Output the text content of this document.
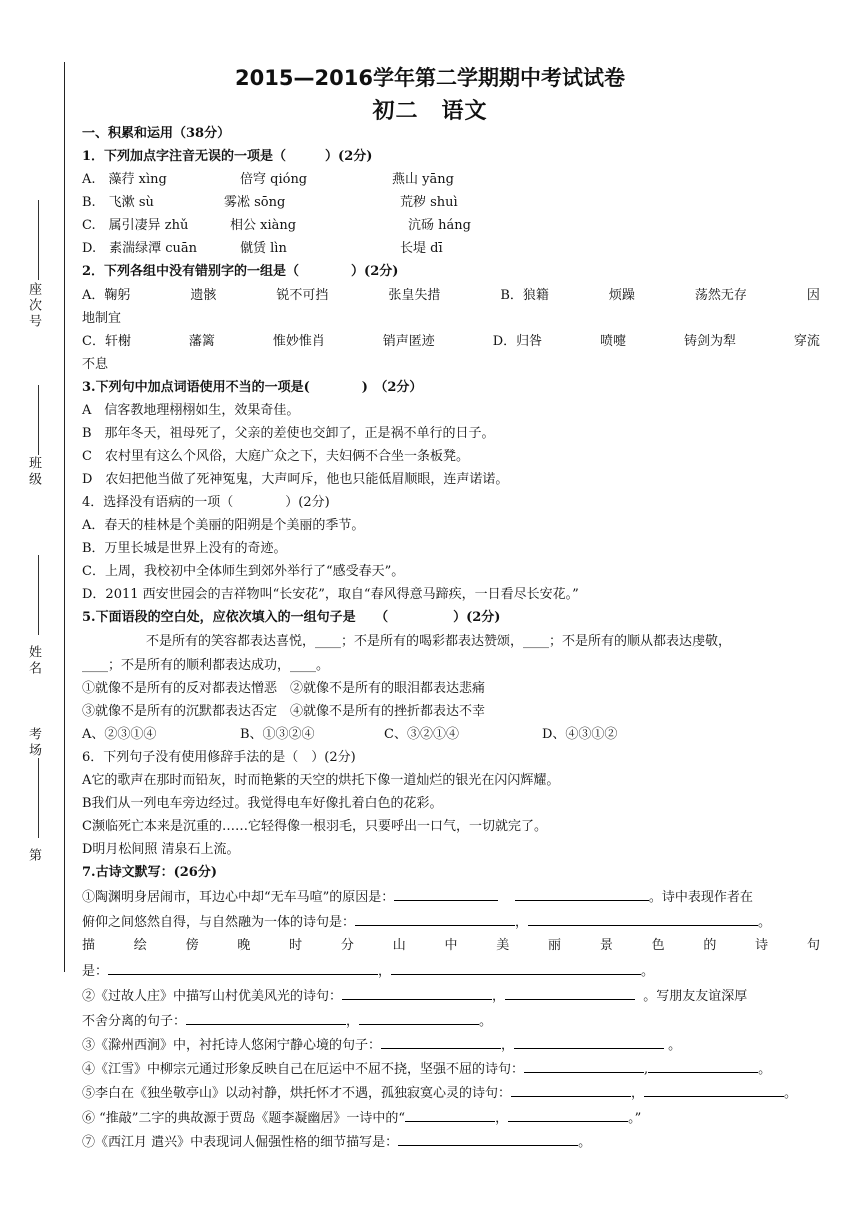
座次号
班级
姓名
考场
第
2015—2016学年第二学期期中考试试卷
初二　语文
一、积累和运用（38分）
1．下列加点字注音无误的一项是（　　　）(2分)
A.　藻荇 xìng	倍穹 qióng	燕山 yāng
B.　飞漱 sù	雾凇 sōng	荒秽 shuì
C.　属引凄异 zhǔ	相公 xiàng	沆砀 háng
D.　素湍绿潭 cuān	僦赁 lìn	长堤 dī
2．下列各组中没有错别字的一组是（　　　　）(2分)
A．鞠躬	遗骸	锐不可挡	张皇失措	B．狼籍	烦躁	荡然无存	因
地制宜
C．轩榭	藩篱	惟妙惟肖	销声匿迹	D．归咎	喷嚏	铸剑为犁	穿流
不息
3.下列句中加点词语使用不当的一项是(　　　　)　（2分）
A　信客教地理栩栩如生，效果奇佳。
B　那年冬天，祖母死了，父亲的差使也交卸了，正是祸不单行的日子。
C　农村里有这么个风俗，大庭广众之下，夫妇俩不合坐一条板凳。
D　农妇把他当做了死神冤鬼，大声呵斥，他也只能低眉顺眼，连声诺诺。
4．选择没有语病的一项（　　　　）(2分)
A．春天的桂林是个美丽的阳朔是个美丽的季节。
B．万里长城是世界上没有的奇迹。
C．上周，我校初中全体师生到郊外举行了“感受春天”。
D．2011 西安世园会的吉祥物叫“长安花”，取自“春风得意马蹄疾，一日看尽长安花。”
5.下面语段的空白处，应依次填入的一组句子是　　（　　　　　）(2分)
不是所有的笑容都表达喜悦，____；不是所有的喝彩都表达赞颂，____；不是所有的顺从都表达虔敬，
____；不是所有的顺利都表达成功，____。
①就像不是所有的反对都表达憎恶　②就像不是所有的眼泪都表达悲痛
③就像不是所有的沉默都表达否定　④就像不是所有的挫折都表达不幸
A、②③①④	B、①③②④	C、③②①④	D、④③①②
6．下列句子没有使用修辞手法的是（　）(2分)
A它的歌声在那时而铅灰，时而艳紫的天空的烘托下像一道灿烂的银光在闪闪辉耀。
B我们从一列电车旁边经过。我觉得电车好像扎着白色的花彩。
C濒临死亡本来是沉重的……它轻得像一根羽毛，只要呼出一口气，一切就完了。
D明月松间照 清泉石上流。
7.古诗文默写：(26分)
①陶渊明身居闹市，耳边心中却“无车马喧”的原因是：	。诗中表现作者在
俯仰之间悠然自得，与自然融为一体的诗句是：	，	。
描	绘	傍	晚	时	分	山	中	美	丽	景	色	的	诗	句
是：	，	。
②《过故人庄》中描写山村优美风光的诗句：	，	。写朋友友谊深厚
不舍分离的句子：	，	。
③《滁州西涧》中，衬托诗人悠闲宁静心境的句子：	，	。
④《江雪》中柳宗元通过形象反映自己在厄运中不屈不挠，坚强不屈的诗句：	,	。
⑤李白在《独坐敬亭山》以动衬静，烘托怀才不遇，孤独寂寞心灵的诗句：	，	。
⑥ “推敲”二字的典故源于贾岛《题李凝幽居》一诗中的“	，	。”
⑦《西江月 遣兴》中表现词人倔强性格的细节描写是：	。
